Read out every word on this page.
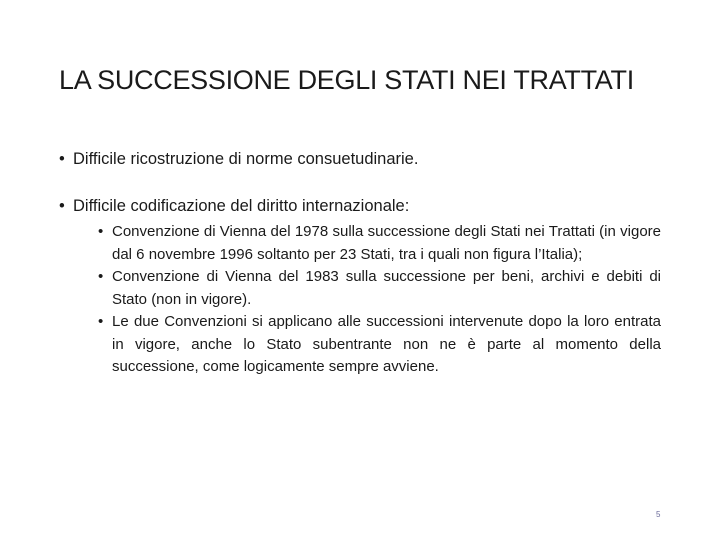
LA SUCCESSIONE DEGLI STATI NEI TRATTATI
• Difficile ricostruzione di norme consuetudinarie.
• Difficile codificazione del diritto internazionale:
• Convenzione di Vienna del 1978 sulla successione degli Stati nei Trattati (in vigore dal 6 novembre 1996 soltanto per 23 Stati, tra i quali non figura l’Italia);
• Convenzione di Vienna del 1983 sulla successione per beni, archivi e debiti di Stato (non in vigore).
• Le due Convenzioni si applicano alle successioni intervenute dopo la loro entrata in vigore, anche lo Stato subentrante non ne è parte al momento della successione, come logicamente sempre avviene.
5
